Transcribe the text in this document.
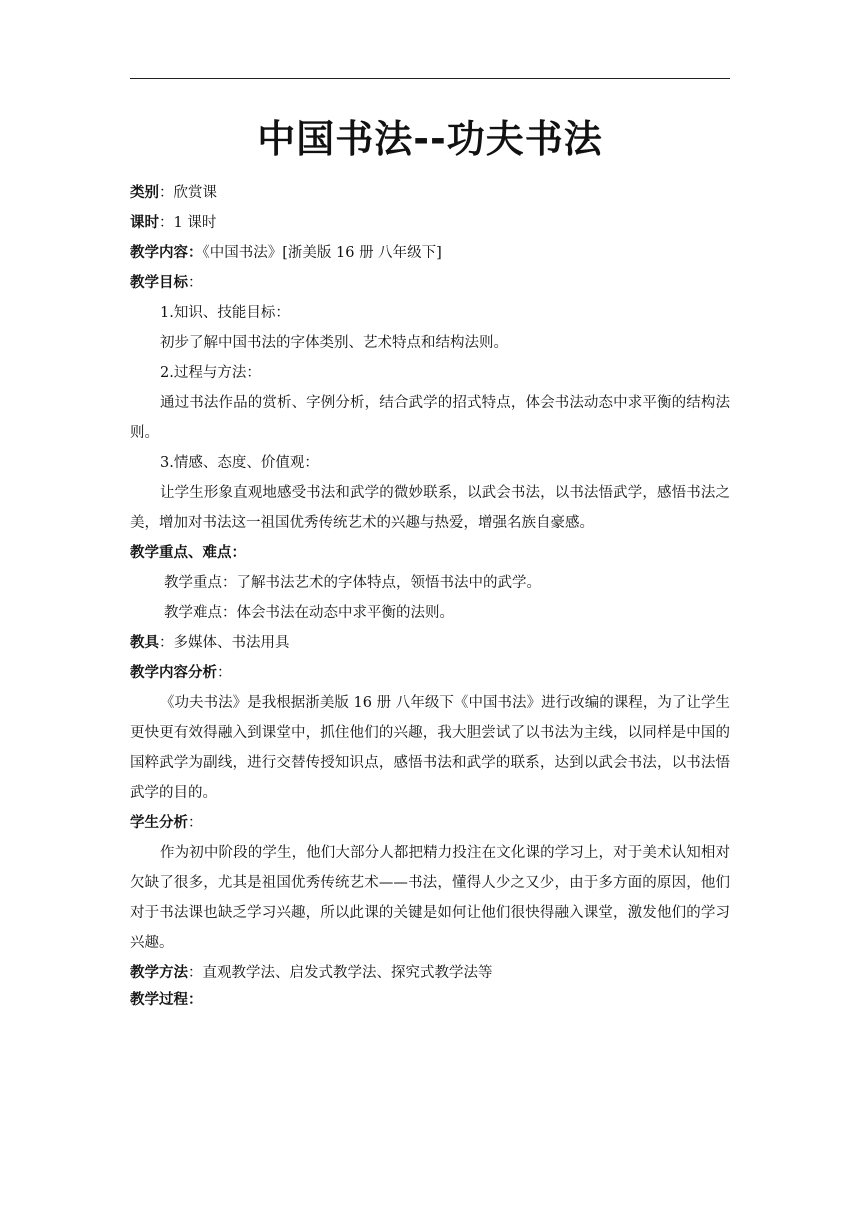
中国书法--功夫书法

类别：欣赏课

课时：1 课时

教学内容：《中国书法》[浙美版 16 册 八年级下]

教学目标：

1.知识、技能目标：

初步了解中国书法的字体类别、艺术特点和结构法则。

2.过程与方法：

通过书法作品的赏析、字例分析，结合武学的招式特点，体会书法动态中求平衡的结构法则。

3.情感、态度、价值观：

让学生形象直观地感受书法和武学的微妙联系，以武会书法，以书法悟武学，感悟书法之美，增加对书法这一祖国优秀传统艺术的兴趣与热爱，增强名族自豪感。

教学重点、难点：

教学重点：了解书法艺术的字体特点，领悟书法中的武学。

教学难点：体会书法在动态中求平衡的法则。

教具：多媒体、书法用具

教学内容分析：

《功夫书法》是我根据浙美版 16 册 八年级下《中国书法》进行改编的课程，为了让学生更快更有效得融入到课堂中，抓住他们的兴趣，我大胆尝试了以书法为主线，以同样是中国的国粹武学为副线，进行交替传授知识点，感悟书法和武学的联系，达到以武会书法，以书法悟武学的目的。

学生分析：

作为初中阶段的学生，他们大部分人都把精力投注在文化课的学习上，对于美术认知相对欠缺了很多，尤其是祖国优秀传统艺术——书法，懂得人少之又少，由于多方面的原因，他们对于书法课也缺乏学习兴趣，所以此课的关键是如何让他们很快得融入课堂，激发他们的学习兴趣。

教学方法：直观教学法、启发式教学法、探究式教学法等

教学过程：
